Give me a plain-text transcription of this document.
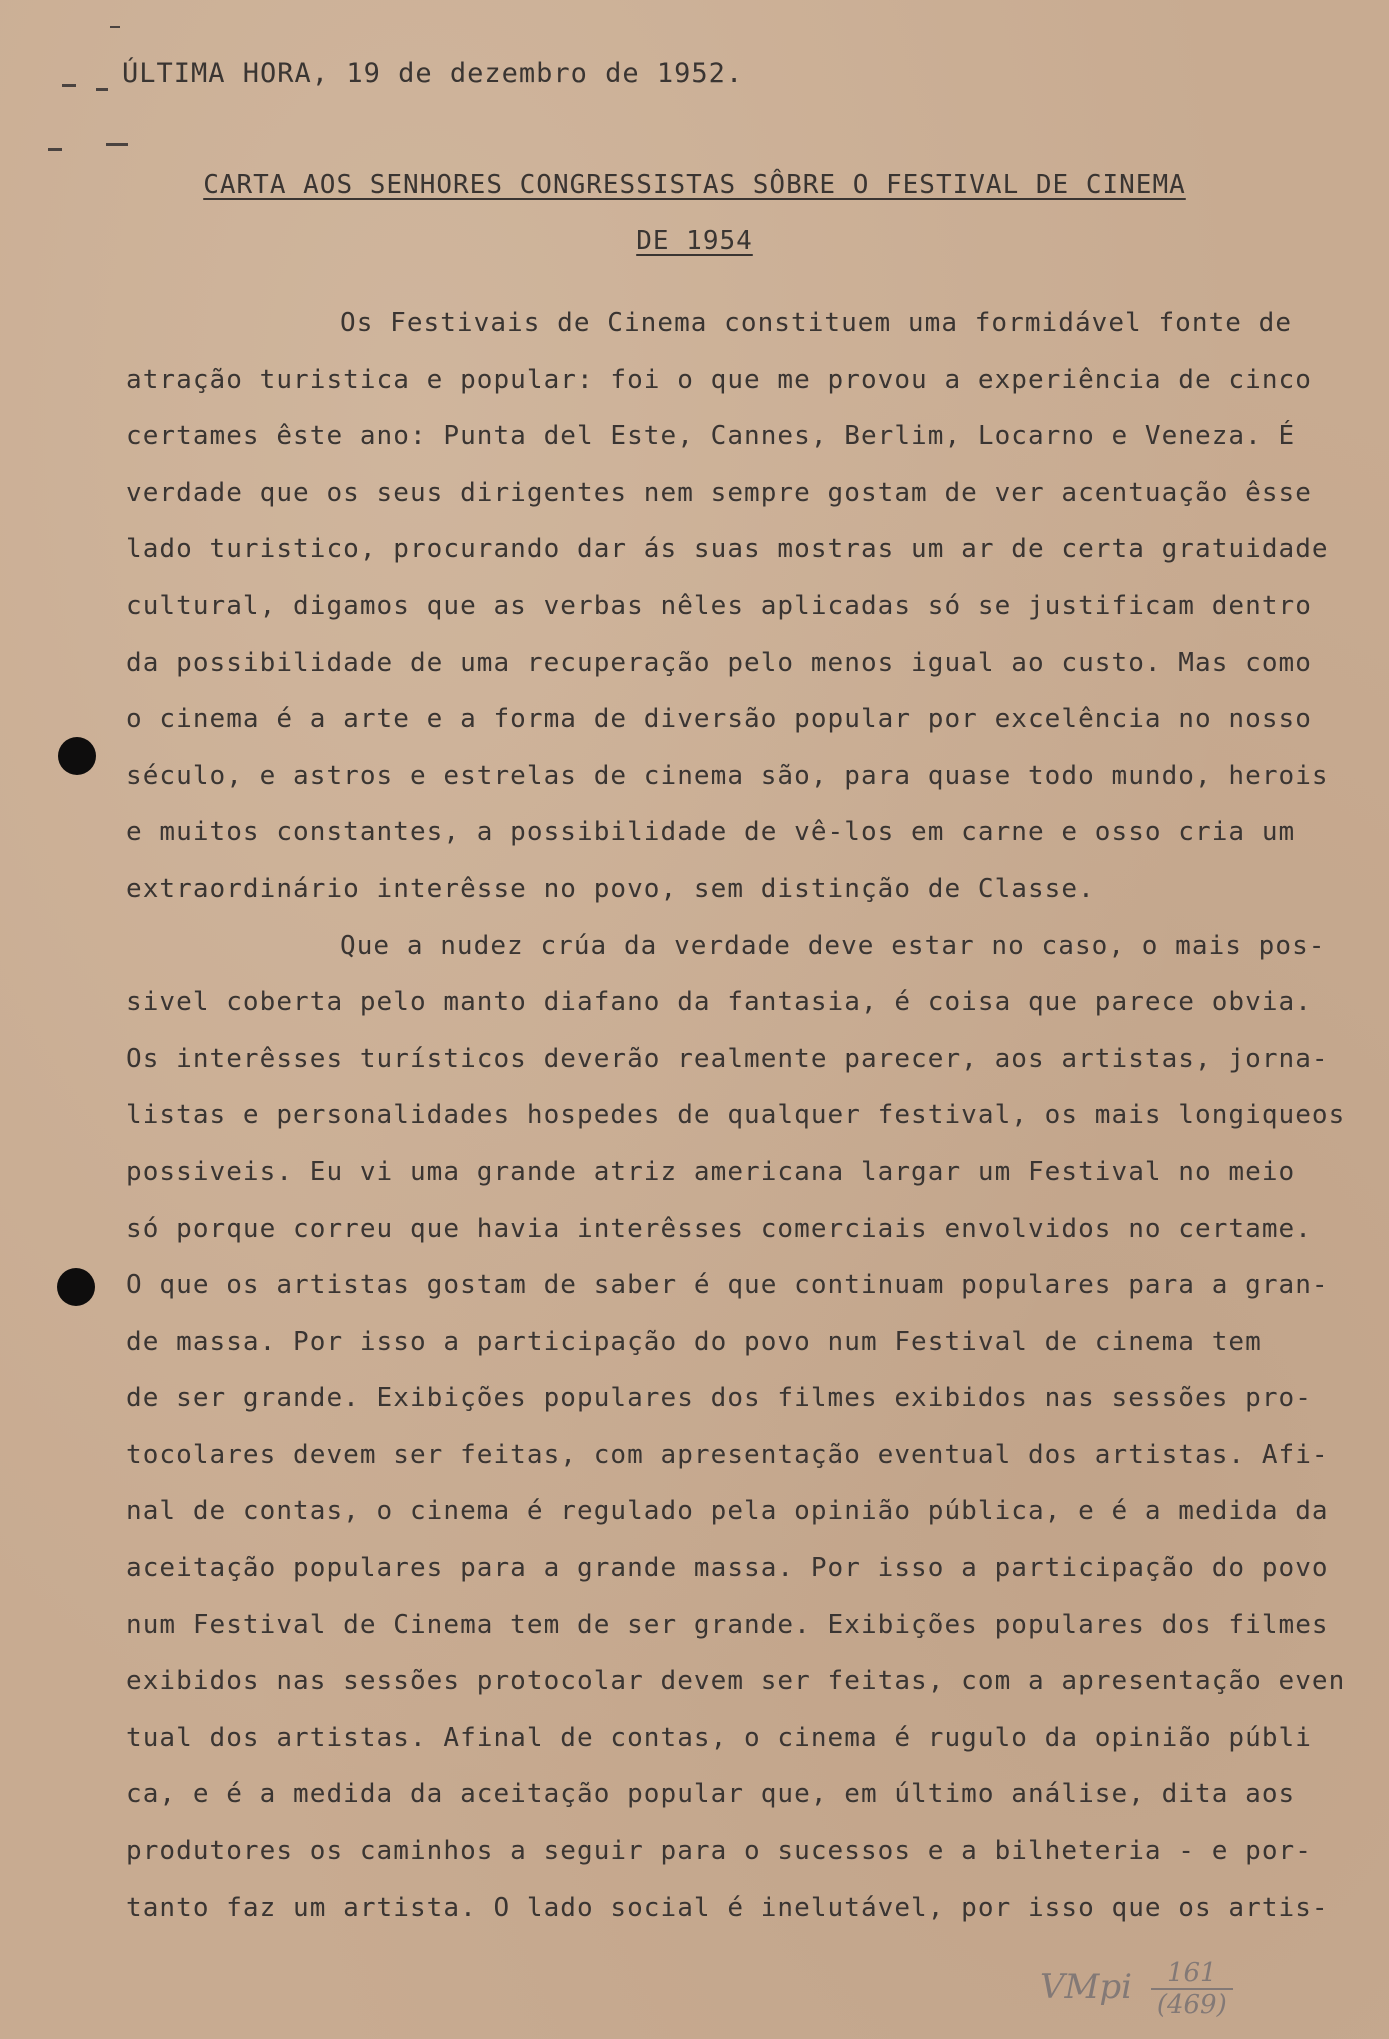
ÚLTIMA HORA, 19 de dezembro de 1952.
CARTA AOS SENHORES CONGRESSISTAS SÔBRE O FESTIVAL DE CINEMA
DE 1954
Os Festivais de Cinema constituem uma formidável fonte de
atração turistica e popular: foi o que me provou a experiência de cinco
certames êste ano: Punta del Este, Cannes, Berlim, Locarno e Veneza. É
verdade que os seus dirigentes nem sempre gostam de ver acentuação êsse
lado turistico, procurando dar ás suas mostras um ar de certa gratuidade
cultural, digamos que as verbas nêles aplicadas só se justificam dentro
da possibilidade de uma recuperação pelo menos igual ao custo. Mas como
o cinema é a arte e a forma de diversão popular por excelência no nosso
século, e astros e estrelas de cinema são, para quase todo mundo, herois
e muitos constantes, a possibilidade de vê-los em carne e osso cria um
extraordinário interêsse no povo, sem distinção de Classe.
Que a nudez crúa da verdade deve estar no caso, o mais pos-
sivel coberta pelo manto diafano da fantasia, é coisa que parece obvia.
Os interêsses turísticos deverão realmente parecer, aos artistas, jorna-
listas e personalidades hospedes de qualquer festival, os mais longiqueos
possiveis. Eu vi uma grande atriz americana largar um Festival no meio
só porque correu que havia interêsses comerciais envolvidos no certame.
O que os artistas gostam de saber é que continuam populares para a gran-
de massa. Por isso a participação do povo num Festival de cinema tem
de ser grande. Exibições populares dos filmes exibidos nas sessões pro-
tocolares devem ser feitas, com apresentação eventual dos artistas. Afi-
nal de contas, o cinema é regulado pela opinião pública, e é a medida da
aceitação populares para a grande massa. Por isso a participação do povo
num Festival de Cinema tem de ser grande. Exibições populares dos filmes
exibidos nas sessões protocolar devem ser feitas, com a apresentação even
tual dos artistas. Afinal de contas, o cinema é rugulo da opinião públi
ca, e é a medida da aceitação popular que, em último análise, dita aos
produtores os caminhos a seguir para o sucessos e a bilheteria - e por-
tanto faz um artista. O lado social é inelutável, por isso que os artis-
VMpi $\frac{161}{(469)}$
